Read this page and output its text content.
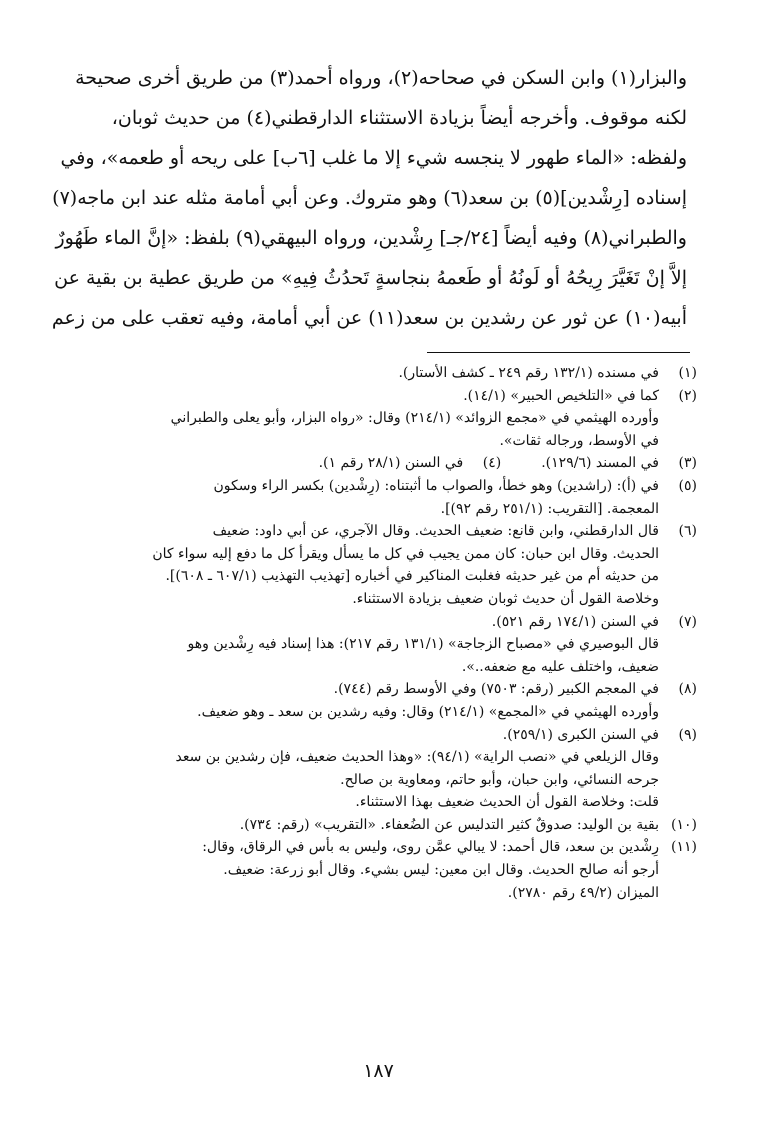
والبزار(١) وابن السكن في صحاحه(٢)، ورواه أحمد(٣) من طريق أخرى صحيحة
لكنه موقوف. وأخرجه أيضاً بزيادة الاستثناء الدارقطني(٤) من حديث ثوبان،
ولفظه: «الماء طهور لا ينجسه شيء إلا ما غلب [٦ب] على ريحه أو طعمه»، وفي
إسناده [رِشْدين](٥) بن سعد(٦) وهو متروك. وعن أبي أمامة مثله عند ابن ماجه(٧)
والطبراني(٨) وفيه أيضاً [٢٤/جـ] رِشْدين، ورواه البيهقي(٩) بلفظ: «إنَّ الماء طَهُورٌ
إلاَّ إنْ تَغَيَّرَ رِيحُهُ أو لَونُهُ أو طَعمهُ بنجاسةٍ تَحدُثُ فِيهِ» من طريق عطية بن بقية عن
أبيه(١٠) عن ثور عن رشدين بن سعد(١١) عن أبي أمامة، وفيه تعقب على من زعم
(١)
في مسنده (١٣٢/١ رقم ٢٤٩ ـ كشف الأستار).
(٢)
كما في «التلخيص الحبير» (١٤/١).
وأورده الهيثمي في «مجمع الزوائد» (٢١٤/١) وقال: «رواه البزار، وأبو يعلى والطبراني
في الأوسط، ورجاله ثقات».
(٣)
في المسند (١٢٩/٦).
(٤)
في السنن (٢٨/١ رقم ١).
(٥)
في (أ): (راشدين) وهو خطأ، والصواب ما أثبتناه: (رِشْدين) بكسر الراء وسكون
المعجمة. [التقريب: (٢٥١/١ رقم ٩٢)].
(٦)
قال الدارقطني، وابن قانع: ضعيف الحديث. وقال الآجري، عن أبي داود: ضعيف
الحديث. وقال ابن حبان: كان ممن يجيب في كل ما يسأل ويقرأ كل ما دفع إليه سواء كان
من حديثه أم من غير حديثه فغلبت المناكير في أخباره [تهذيب التهذيب (٦٠٧/١ ـ ٦٠٨)].
وخلاصة القول أن حديث ثوبان ضعيف بزيادة الاستثناء.
(٧)
في السنن (١٧٤/١ رقم ٥٢١).
قال البوصيري في «مصباح الزجاجة» (١٣١/١ رقم ٢١٧): هذا إسناد فيه رِشْدين وهو
ضعيف، واختلف عليه مع ضعفه..».
(٨)
في المعجم الكبير (رقم: ٧٥٠٣) وفي الأوسط رقم (٧٤٤).
وأورده الهيثمي في «المجمع» (٢١٤/١) وقال: وفيه رشدين بن سعد ـ وهو ضعيف.
(٩)
في السنن الكبرى (٢٥٩/١).
وقال الزيلعي في «نصب الراية» (٩٤/١): «وهذا الحديث ضعيف، فإن رشدين بن سعد
جرحه النسائي، وابن حبان، وأبو حاتم، ومعاوية بن صالح.
قلت: وخلاصة القول أن الحديث ضعيف بهذا الاستثناء.
(١٠)
بقية بن الوليد: صدوقٌ كثير التدليس عن الضُعفاء. «التقريب» (رقم: ٧٣٤).
(١١)
رِشْدين بن سعد، قال أحمد: لا يبالي عمَّن روى، وليس به بأس في الرقاق، وقال:
أرجو أنه صالح الحديث. وقال ابن معين: ليس بشيء. وقال أبو زرعة: ضعيف.
الميزان (٤٩/٢ رقم ٢٧٨٠).
١٨٧
